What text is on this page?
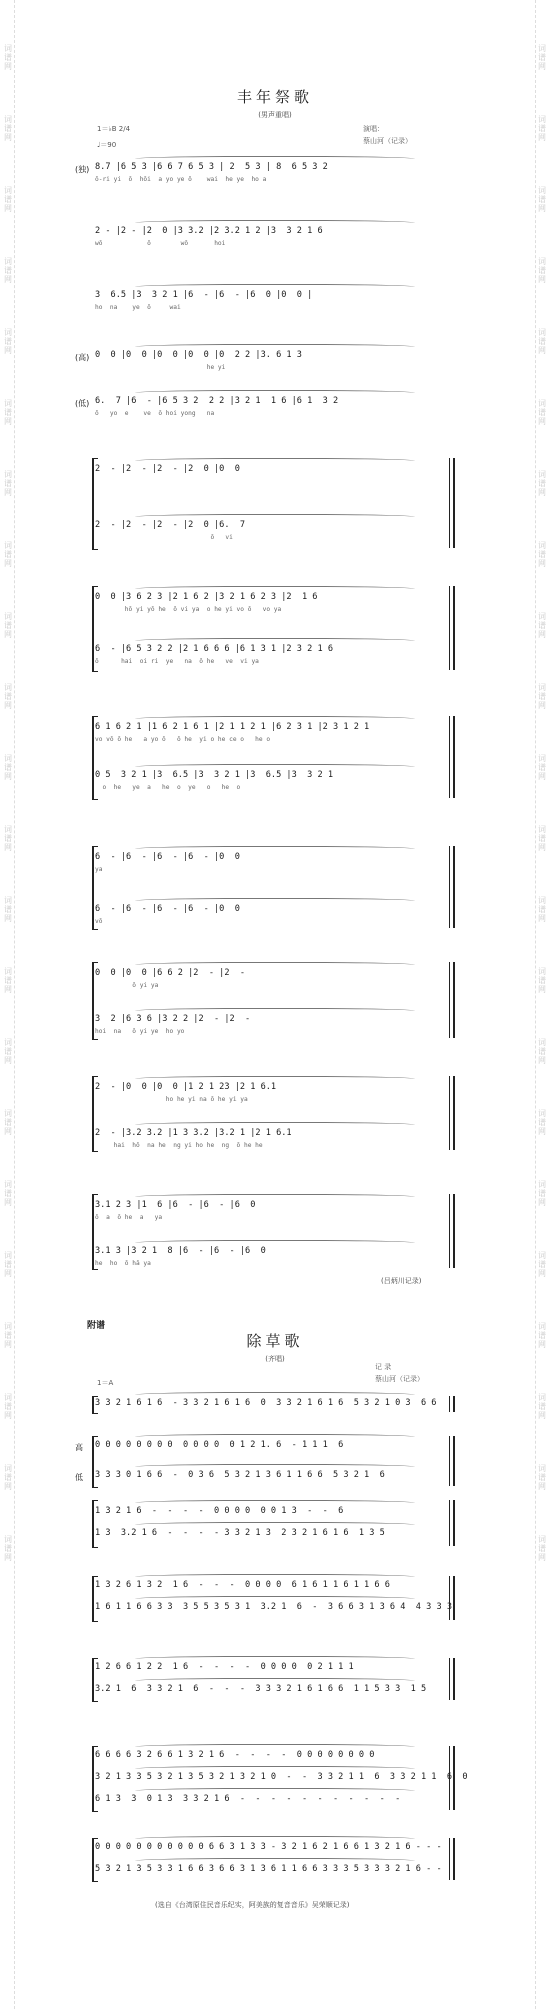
词谱网
词谱网
词谱网
词谱网
词谱网
词谱网
词谱网
词谱网
词谱网
词谱网
词谱网
词谱网
词谱网
词谱网
词谱网
词谱网
词谱网
词谱网
词谱网
词谱网
词谱网
词谱网
词谱网
词谱网
词谱网
词谱网
词谱网
词谱网
词谱网
词谱网
词谱网
词谱网
词谱网
词谱网
词谱网
词谱网
词谱网
词谱网
词谱网
词谱网
词谱网
词谱网
词谱网
词谱网
丰年祭歌
(男声重唱)
1＝♭B 2/4
♩＝90
演唱：
蔡山河（记录）
(独) 8.7 |6 5 3 |6 6 7 6 5 3 | 2  5 3 | 8  6 5 3 2
ŏ-ri yi  ō  hōi  a yo ye ō    wai  he ye  ho a
2 - |2 - |2  0 |3 3.2 |2 3.2 1 2 |3  3 2 1 6
wō            ō        wō       hoi
3  6.5 |3  3 2 1 |6  - |6  - |6  0 |0  0 |
ho  na    ye  ō     wai
(高) 0  0 |0  0 |0  0 |0  0 |0  2 2 |3. 6 1 3
he yi
(低) 6.  7 |6  - |6 5 3 2  2 2 |3 2 1  1 6 |6 1  3 2
ŏ   yo  e    ve  ō hoi yong   na
2  - |2  - |2  - |2  0 |0  0
2  - |2  - |2  - |2  0 |6.  7
ō   vi
0  0 |3 6 2 3 |2 1 6 2 |3 2 1 6 2 3 |2  1 6
hō yi yō he  ō vi ya  o he yi vo ō   vo ya
6  - |6 5 3 2 2 |2 1 6 6 6 |6 1 3 1 |2 3 2 1 6
ō      hai  oi ri  ye   na  ō he   ve  vi ya
6 1 6 2 1 |1 6 2 1 6 1 |2 1 1 2 1 |6 2 3 1 |2 3 1 2 1
vo vō ō he   a yo ō   ō he  yi o he ce o   he o
0 5  3 2 1 |3  6.5 |3  3 2 1 |3  6.5 |3  3 2 1
o  he   ye  a   he  o  ye   o   he  o
6  - |6  - |6  - |6  - |0  0
ya
6  - |6  - |6  - |6  - |0  0
vō
0  0 |0  0 |6 6 2 |2  - |2  -
ō yi ya
3  2 |6 3 6 |3 2 2 |2  - |2  -
hoi  na   ō yi ye  ho yo
2  - |0  0 |0  0 |1 2 1 23 |2 1 6.1
ho he yi na ō he yi ya
2  - |3.2 3.2 |1 3 3.2 |3.2 1 |2 1 6.1
hai  hō  na he  ng yi ho he  ng  ō he he
3.1 2 3 |1  6 |6  - |6  - |6  0
ō  a  ō he  a   ya
3.1 3 |3 2 1  8 |6  - |6  - |6  0
he  ho  ō hā ya
(吕炳川记录)
附谱
除草歌
(齐唱)
记 录
蔡山河（记录）
1＝A
3 3 2 1 6 1 6  - 3 3 2 1 6 1 6  0  3 3 2 1 6 1 6  5 3 2 1 0 3  6 6
高 0 0 0 0 0 0 0 0  0 0 0 0  0 1 2 1. 6  - 1 1 1  6
低 3 3 3 0 1 6 6  -  0 3 6  5 3 2 1 3 6 1 1 6 6  5 3 2 1  6
1 3 2 1 6  -  -  -  -  0 0 0 0  0 0 1 3  -  -  6
1 3  3.2 1 6  -  -  -  - 3 3 2 1 3  2 3 2 1 6 1 6  1 3 5
1 3 2 6 1 3 2  1 6  -  -  -  0 0 0 0  6 1 6 1 1 6 1 1 6 6
1 6 1 1 6 6 3 3  3 5 5 3 5 3 1  3.2 1  6  -  3 6 6 3 1 3 6 4  4 3 3 3
1 2 6 6 1 2 2  1 6  -  -  -  -  0 0 0 0  0 2 1 1 1
3.2 1  6  3 3 2 1  6  -  -  -  3 3 3 2 1 6 1 6 6  1 1 5 3 3  1 5
6 6 6 6 3 2 6 6 1 3 2 1 6  -  -  -  -  0 0 0 0 0 0 0 0
3 2 1 3 3 5 3 2 1 3 5 3 2 1 3 2 1 0  -  -  3 3 2 1 1  6  3 3 2 1 1  6  0
6 1 3  3  0 1 3  3 3 2 1 6  -  -  -  -  -  -  -  -  -  -  -
0 0 0 0 0 0 0 0 0 0 0 6 6 3 1 3 3 - 3 2 1 6 2 1 6 6 1 3 2 1 6 - - -
5 3 2 1 3 5 3 3 1 6 6 3 6 6 3 1 3 6 1 1 6 6 3 3 3 5 3 3 3 2 1 6 - -
(选自《台湾原住民音乐纪实，阿美族的复音音乐》吴荣顺记录)
